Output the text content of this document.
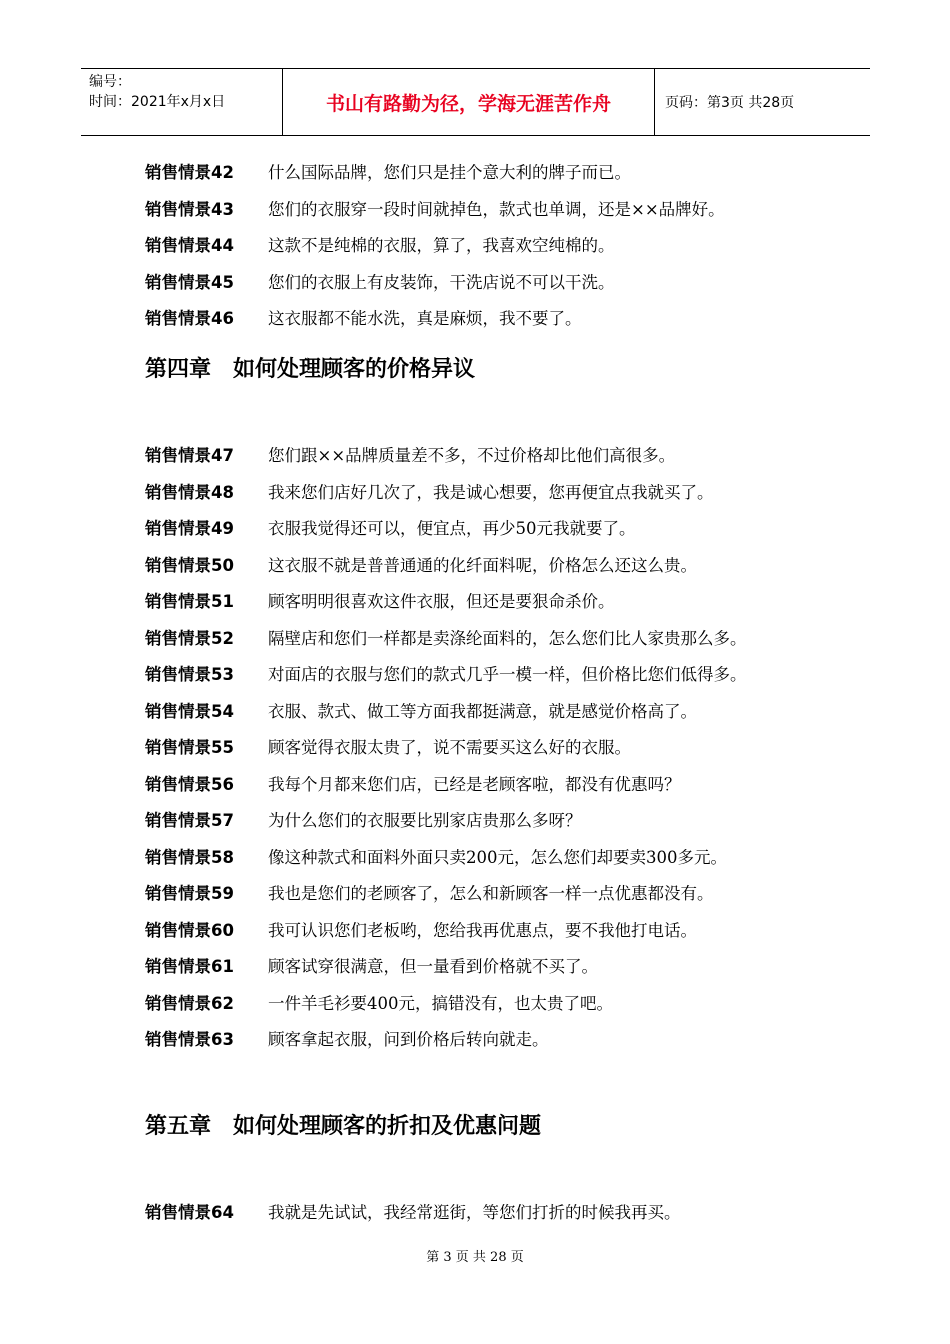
编号：
时间：2021年x月x日	书山有路勤为径，学海无涯苦作舟	页码：第3页 共28页
销售情景42 什么国际品牌，您们只是挂个意大利的牌子而已。
销售情景43 您们的衣服穿一段时间就掉色，款式也单调，还是××品牌好。
销售情景44 这款不是纯棉的衣服，算了，我喜欢空纯棉的。
销售情景45 您们的衣服上有皮装饰，干洗店说不可以干洗。
销售情景46 这衣服都不能水洗，真是麻烦，我不要了。
第四章　如何处理顾客的价格异议
销售情景47 您们跟××品牌质量差不多，不过价格却比他们高很多。
销售情景48 我来您们店好几次了，我是诚心想要，您再便宜点我就买了。
销售情景49 衣服我觉得还可以，便宜点，再少50元我就要了。
销售情景50 这衣服不就是普普通通的化纤面料呢，价格怎么还这么贵。
销售情景51 顾客明明很喜欢这件衣服，但还是要狠命杀价。
销售情景52 隔壁店和您们一样都是卖涤纶面料的，怎么您们比人家贵那么多。
销售情景53 对面店的衣服与您们的款式几乎一模一样，但价格比您们低得多。
销售情景54 衣服、款式、做工等方面我都挺满意，就是感觉价格高了。
销售情景55 顾客觉得衣服太贵了，说不需要买这么好的衣服。
销售情景56 我每个月都来您们店，已经是老顾客啦，都没有优惠吗？
销售情景57 为什么您们的衣服要比别家店贵那么多呀？
销售情景58 像这种款式和面料外面只卖200元，怎么您们却要卖300多元。
销售情景59 我也是您们的老顾客了，怎么和新顾客一样一点优惠都没有。
销售情景60 我可认识您们老板哟，您给我再优惠点，要不我他打电话。
销售情景61 顾客试穿很满意，但一量看到价格就不买了。
销售情景62 一件羊毛衫要400元，搞错没有，也太贵了吧。
销售情景63 顾客拿起衣服，问到价格后转向就走。
第五章　如何处理顾客的折扣及优惠问题
销售情景64 我就是先试试，我经常逛街，等您们打折的时候我再买。
第 3 页 共 28 页
